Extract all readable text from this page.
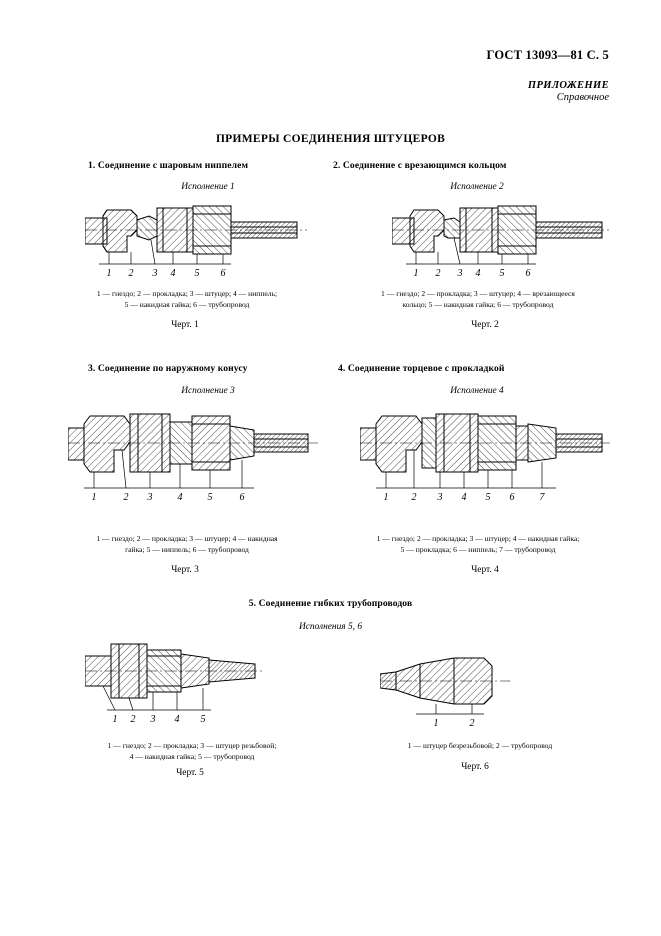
ГОСТ 13093—81 С. 5
ПРИЛОЖЕНИЕ
Справочное
ПРИМЕРЫ СОЕДИНЕНИЯ ШТУЦЕРОВ
1. Соединение с шаровым ниппелем
Исполнение 1
1 2 3 4 5 6
1 — гнездо; 2 — прокладка; 3 — штуцер; 4 — ниппель;
5 — накидная гайка; 6 — трубопровод
Черт. 1
2. Соединение с врезающимся кольцом
Исполнение 2
1 2 3 4 5 6
1 — гнездо; 2 — прокладка; 3 — штуцер; 4 — врезающееся
кольцо; 5 — накидная гайка; 6 — трубопровод
Черт. 2
3. Соединение по наружному конусу
Исполнение 3
1	2 3	4	5	6
1 — гнездо; 2 — прокладка; 3 — штуцер; 4 — накидная
гайка; 5 — ниппель; 6 — трубопровод
Черт. 3
4. Соединение торцевое с прокладкой
Исполнение 4
1 2 3 4 5 6	7
1 — гнездо; 2 — прокладка; 3 — штуцер; 4 — накидная гайка;
5 — прокладка; 6 — ниппель; 7 — трубопровод
Черт. 4
5. Соединение гибких трубопроводов
Исполнения 5, 6
1 2 3 4 5	1	2
1 — гнездо; 2 — прокладка; 3 — штуцер резьбовой;
4 — накидная гайка; 5 — трубопровод
Черт. 5
1 — штуцер безрезьбовой; 2 — трубопровод
Черт. 6
